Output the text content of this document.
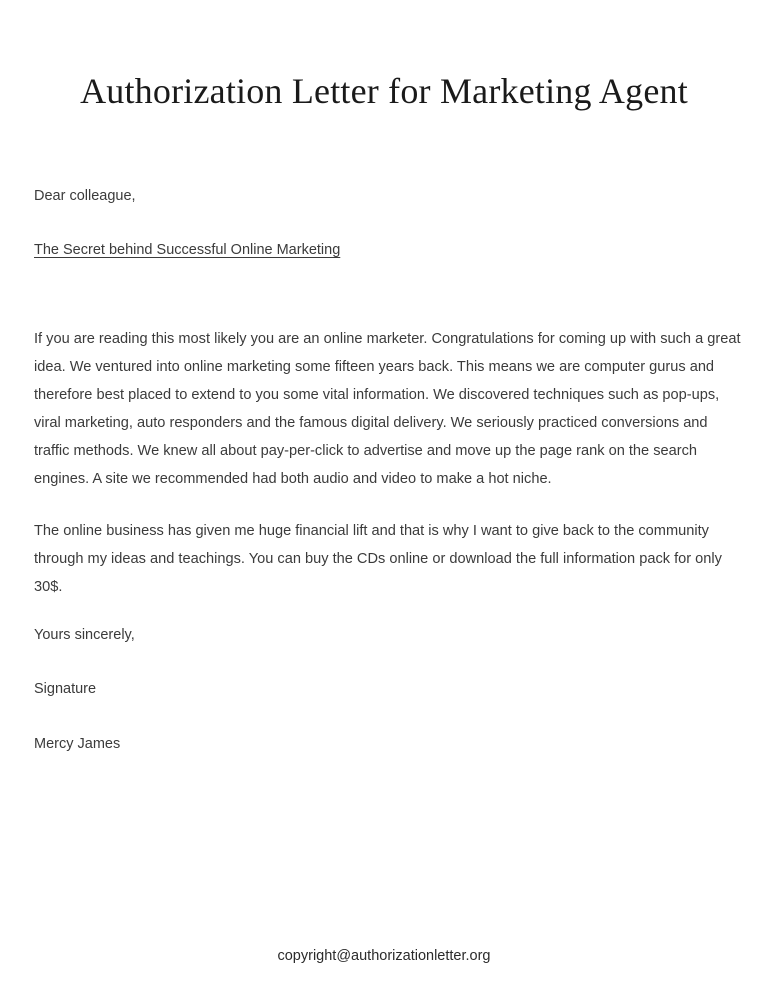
Authorization Letter for Marketing Agent

Dear colleague,

The Secret behind Successful Online Marketing

If you are reading this most likely you are an online marketer. Congratulations for coming up with such a great idea. We ventured into online marketing some fifteen years back. This means we are computer gurus and therefore best placed to extend to you some vital information. We discovered techniques such as pop-ups, viral marketing, auto responders and the famous digital delivery. We seriously practiced conversions and traffic methods. We knew all about pay-per-click to advertise and move up the page rank on the search engines. A site we recommended had both audio and video to make a hot niche.

The online business has given me huge financial lift and that is why I want to give back to the community through my ideas and teachings. You can buy the CDs online or download the full information pack for only 30$.

Yours sincerely,

Signature

Mercy James

copyright@authorizationletter.org
